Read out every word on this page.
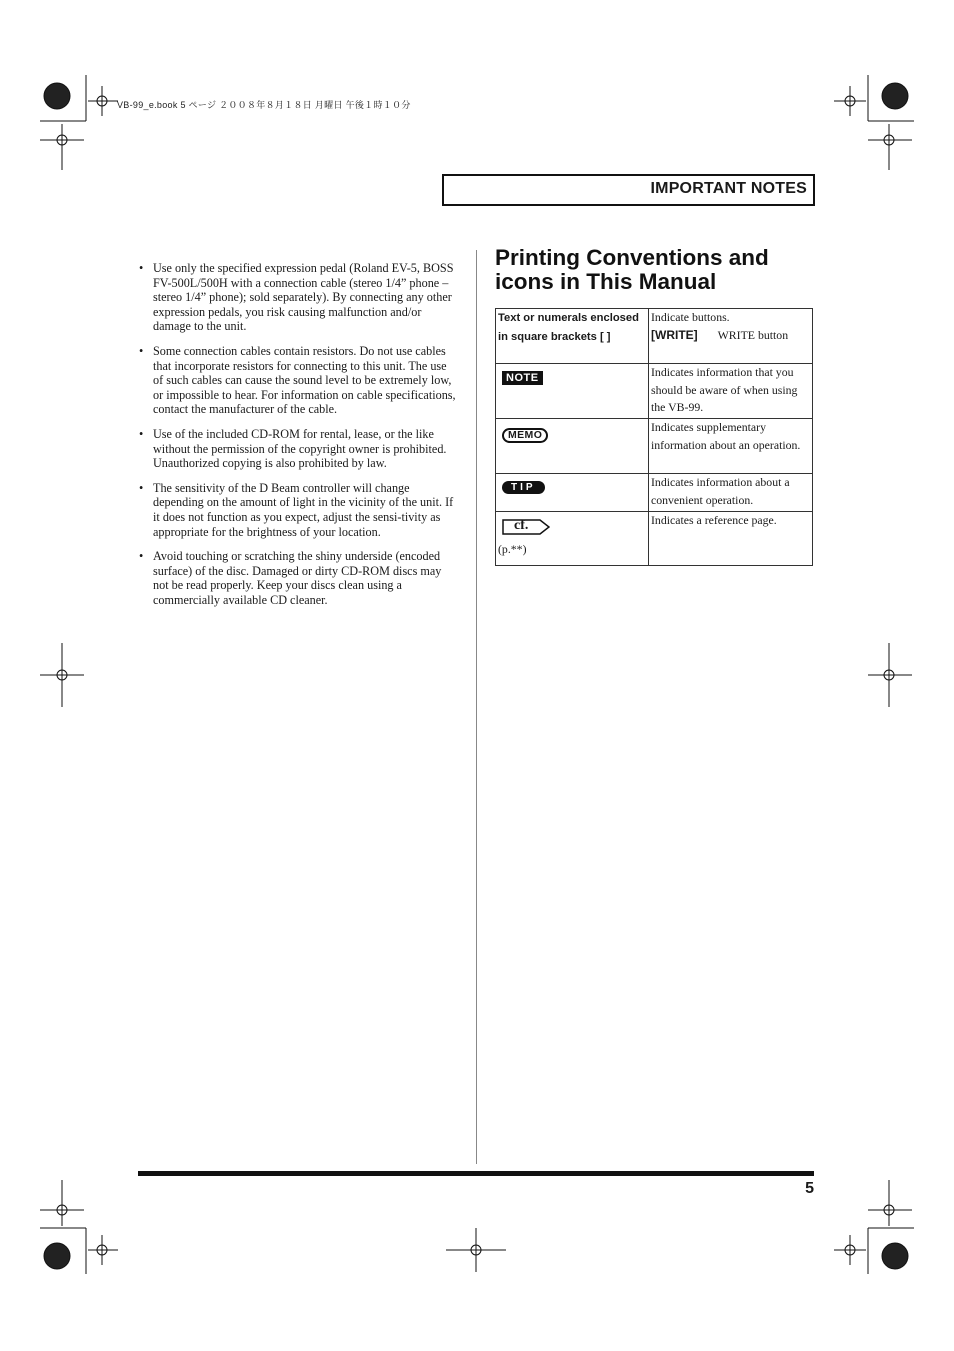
VB-99_e.book 5 ページ ２００８年８月１８日 月曜日 午後１時１０分
IMPORTANT NOTES
• Use only the specified expression pedal (Roland EV-5, BOSS FV-500L/500H with a connection cable (stereo 1/4” phone – stereo 1/4” phone); sold separately). By connecting any other expression pedals, you risk causing malfunction and/or damage to the unit.
• Some connection cables contain resistors. Do not use cables that incorporate resistors for connecting to this unit. The use of such cables can cause the sound level to be extremely low, or impossible to hear. For information on cable specifications, contact the manufacturer of the cable.
• Use of the included CD-ROM for rental, lease, or the like without the permission of the copyright owner is prohibited. Unauthorized copying is also prohibited by law.
• The sensitivity of the D Beam controller will change depending on the amount of light in the vicinity of the unit. If it does not function as you expect, adjust the sensi-tivity as appropriate for the brightness of your location.
• Avoid touching or scratching the shiny underside (encoded surface) of the disc. Damaged or dirty CD-ROM discs may not be read properly. Keep your discs clean using a commercially available CD cleaner.
Printing Conventions and icons in This Manual
Text or numerals enclosed in square brackets [ ]	Indicate buttons.
[WRITE] WRITE button

NOTE	Indicates information that you should be aware of when using the VB-99.

MEMO	Indicates supplementary information about an operation.

TIP	Indicates information about a convenient operation.

cf.
(p.**)	Indicates a reference page.
5
